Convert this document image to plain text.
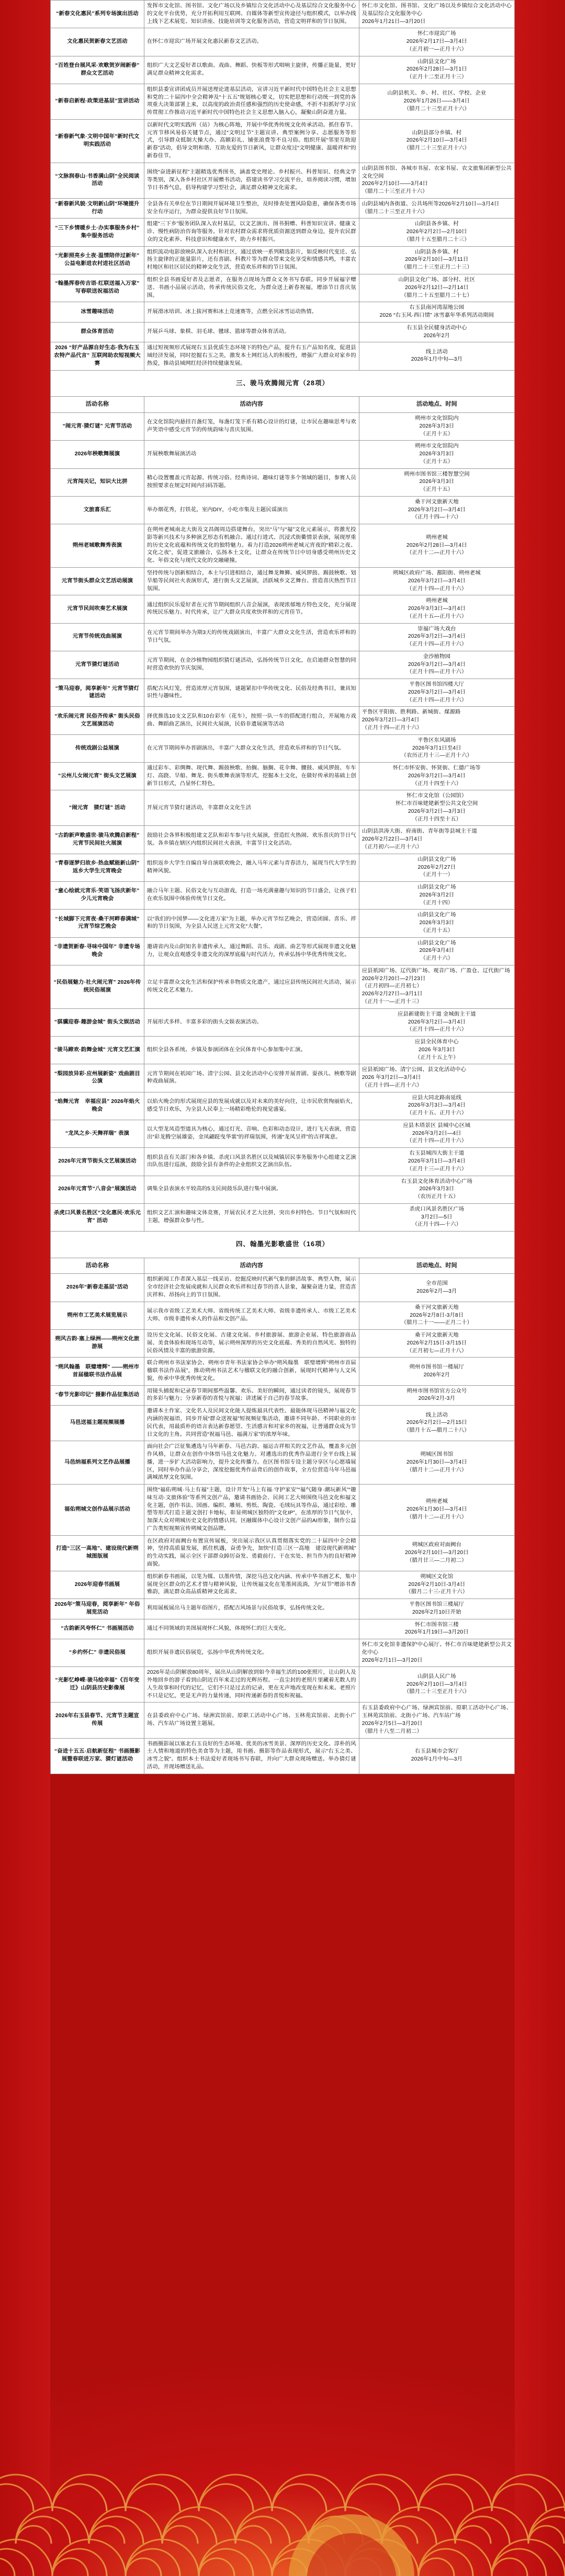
“新春文化惠民”系列专场演出活动	发挥市文化馆、图书馆、文化广场以及乡镇综合文化活动中心及基层综合文化服务中心的文化平台优势，充分开拓利用互联网、自媒体等新型宣传途径与组织模式，以举办线上线下艺术展览、知识讲座、技能培训等文化服务活动，营造文明祥和的节日氛围。	怀仁市文化馆、图书馆、文化广场以及乡镇综合文化活动中心及基层综合文化服务中心
2026年1月21日—3月20日

文化惠民贺新春文艺活动	在怀仁市迎宾广场开展文化惠民新春文艺活动。	怀仁市迎宾广场
2026年2月17日—3月4日
（正月初一—正月十六）

“百姓登台展风采·欢歌贺岁闹新春”群众文艺活动	组织广大文艺爱好者以歌曲、戏曲、舞蹈、快板等形式唱响主旋律，传播正能量，更好满足群众精神文化需求。	山阴县文化广场
2026年2月28日—3月1日
（正月十二至正月十三）

“新春启新程·政策进基层”宣讲活动	组织县委宣讲团成员开展送理论进基层活动，宣讲习近平新时代中国特色社会主义思想和党的二十届四中全会精神及“十五五”规划核心要义，切实把思想和行动统一到党的各项重大决策部署上来，以高度的政治责任感和强烈的历史使命感，不折不扣抓好学习宣传贯彻工作推动习近平新时代中国特色社会主义思想入脑入心，凝聚山阴奋进力量。	山阴县机关、乡、村、社区、学校、企业
2026年1月26日——3月4日
（腊月二十三至正月十六）

“新春新气象·文明中国年”新时代文明实践活动	以新时代文明实践所（站）为核心阵地，开展中华优秀传统文化传承活动。抓住春节、元宵节移风易俗关键节点，通过“文明过节”主题宣讲、典型案例分享、志愿服务等形式，引导群众抵制大操大办、高额彩礼、铺张浪费等不良习俗。组织开展“邻里互助迎新春”活动，倡导文明和谐、互助友爱的节日新风，让群众度过“文明健康、温暖祥和”的新春佳节。	山阴县部分乡镇、村
2026年2月10日—3月4日
（腊月二十三至正月十六）

“文脉润春山·书香满山阴”全民阅读活动	围绕“奋进新征程”主题精选优秀图书，涵盖党史理论、乡村振兴、科普知识、经典文学等类别，深入各乡村社区开展赠书活动，搭建读书学习交流平台，培养阅读习惯，增加节日书香气息，倡导构建学习型社会，满足群众精神文化需求。	山阴县图书馆、各城市书屋、农家书屋、农文旅集团新型公共文化空间
2026年2月10日——3月4日
（腊月二十三至正月十六）

“新春新风貌·文明新山阴”环境提升行动	全县各有关单位在节日期间开展环境卫生整治，及时排查处置风险隐患，确保各类市场安全有序运行，为群众提供良好节日氛围。	山阴县域内各街道、公共场所等2026年2月10日—3月4日
（腊月二十三至正月十六）

“三下乡情暖乡土·办实事服务乡村”集中服务活动	组建“三下乡”服务团队深入农村基层，以文艺演出、图书捐赠、科普知识宣讲、健康义诊、慢性病防治咨询等服务。针对农村群众需求将优质资源送到群众身边，提升农民群众的文化素养、科技意识和健康水平，助力乡村振兴。	山阴县各乡镇、村
2026年2月2日—2月10日
（腊月十五至腊月二十三）

“光影照亮乡土夜·温情陪伴过新年”公益电影进农村进社区活动	组织流动电影放映队深入农村和社区，通过放映一系列精选影片，如反映时代变迁、弘扬主旋律的正能量影片，还有喜剧、科教片等为群众带来文化享受和情感共鸣，丰富农村地区和社区居民的精神文化生活，营造欢乐祥和的节日氛围。	山阴县各乡镇、村
2026年2月10日—3月11日
（腊月二十三至正月二十三）

“翰墨挥春传吉语·红联送福入万家”写春联送祝福活动	组织全县书画爱好者及志愿者，在服务点现场为群众义务书写春联。同步开展福字赠送、书画小品展示活动，传承传统民俗文化，为群众送上新春祝福，增添节日喜庆氛围。	山阴县文化广场、部分村、社区
2026年2月12日—2月14日
（腊月二十五至腊月二十七）

冰雪趣味活动	开展滑冰培训、冰上拔河赛和冰上竞速赛等，点燃全民冰雪运动热情。	右玉县南河湾湿地公园
2026 “右玉风·西口情” 冰雪嘉年华系列活动期间

群众体育活动	开展乒乓球、象棋、羽毛球、毽球、篮球等群众体育活动。	右玉县全民健身活动中心
2026年2月

2026 “好产品源自好生态·我为右玉农特产品代言” 互联网助农短视频大赛	通过短视频形式展现右玉县优质生态环境下的特色产品，提升右玉产品知名度，促进县域经济发展，同时挖掘右玉之美，激发本土网红达人的积极性，增强广大群众对家乡的热爱，推动县域网红经济持续健康发展。	线上活动
2026年1月中旬—3月

三、骏马欢腾闹元宵（28项）		
活动名称	活动内容	活动地点、时间
“闹元宵·猜灯谜” 元宵节活动	在文化馆院内悬挂百盏灯笼，每盏灯笼下系有精心设计的灯谜，让市民在趣味思考与欢声笑语中感受元宵节的传统韵味与喜庆氛围。	朔州市文化馆院内
2026年3月3日
（正月十五）

2026年秧歌舞展演	开展秧歌舞展演活动	朔州市文化馆院内
2026年3月3日
（正月十五）

元宵闯关记，知识大比拼	精心设置覆盖元宵起源、传统习俗、经典诗词、趣味灯谜等多个领域的题目，参赛人员按照要求在规定时间内扫码答题。	朔州市图书馆三楼智慧空间
2026年3月3日
（正月十五）

文旅喜乐汇	举办烟花秀，打铁花，室内DIY，小吃市集及主题民谣演出	桑干河文旅新天地
2026年3月2日—3月4日
（正月十四—十六）

朔州老城歌舞秀表演	在朔州老城南北大街及文昌阁周边搭建舞台，突出“马”与“福”文化元素展示，将激光投影等新兴技术与多种演艺形态有机融合。通过行进式、沉浸式街衢情景表演，展现厚重的历史文化底蕴和传统文化的独特魅力。着力打造2026朔州老城元宵夜的“精彩之夜、文化之夜”，促进文旅融合，弘扬本土文化，让群众在传统节日中切身感受朔州历史文化、年俗文化与现代文化的交融碰撞。	朔州老城
2026年2月28日—3月4日
（正月十二—正月十六）

元宵节街头群众文艺活动展演	坚持传统与创新相结合，本土与引进相结合，通过舞龙舞狮、威风锣鼓、踢鼓秧歌、划旱船等民间社火表演形式，进行街头文艺展演，活跃城乡文艺舞台、营造喜庆热烈节日氛围。	朔城区政府广场、鄯阳街、朔州老城
2026年3月2日—3月4日
（正月十四—正月十六）

元宵节民间吹奏艺术展演	通过组织民乐爱好者在元宵节期间组织八音会展演，表现浓郁地方特色文化，充分展现传统民乐魅力、时代传承，让广大群众共度欢快祥和的元宵佳节。	朔州老城
2026年3月3日—3月4日
（正月十五—正月十六）

元宵节传统戏曲展演	在元宵节期间举办为期3天的传统戏剧演出，丰富广大群众文化生活，营造欢乐祥和的节日气氛。	崇福广场大戏台
2026年3月2日—3月4日
（正月十四—正月十六）

元宵节猜灯谜活动	元宵节期间，在金沙植物园组织猜灯谜活动，弘扬传统节日文化，在启迪群众智慧的同时营造欢快的节庆氛围。	金沙植物园
2026年3月2日—3月4日
（正月十四—正月十六）

“策马迎春，阅享新年” 元宵节猜灯谜活动	搭配古风灯笼，营造浓厚元宵氛围，谜题紧扣中华传统文化、民俗及经典书目，兼具知识性与趣味性。	平鲁区图书馆四楼大厅
2026年3月2日—3月4日
（正月十四—正月十六）

“欢乐闹元宵 民俗齐传承” 街头民俗文艺展演活动	择优推选10支文艺队和10台彩车（花车），按照一队一车的搭配进行组合，开展地方戏曲、舞蹈曲艺演出，民间社火展演，民俗非遗展演等活动	平鲁区平阳街、胜利路、新城街、煤源路
2026年3月2日—3月4日
（正月十四—正月十六）

传统戏剧公益展演	在元宵节期间举办晋剧演出，丰富广大群众文化生活，营造欢乐祥和的节日气氛。	平鲁区东风剧场
2026年3月1日至4日
（农历正月十三—正月十六）

“云州儿女闹元宵” 街头文艺展演	通过彩车、彩绸舞、现代舞、踢鼓秧歌、抬搁、脑搁、花伞舞、腰鼓、威风锣鼓、车车灯、高跷、旱船、舞龙、街头歌舞表演等形式，挖掘本土文化，在做好传承的基础上创新节目形式，凸显怀仁特色。	怀仁市怀安街、怀贤街、仁德广场等
2026年3月2日—3月4日
（正月十四至十六）

“闹元宵　猜灯谜” 活动	开展元宵节猜灯谜活动，丰富群众文化生活	怀仁市文化馆（公园馆）
怀仁市百味姥姥新型公共文化空间
2026年3月2日—3月3日
（正月十四至十五）

“古韵新声歌盛世·骏马欢腾启新程” 元宵节民间社火展演	鼓励社会各界积极组建文艺队和彩车参与社火展演，营造红火热闹、欢乐喜庆的节日气氛。各乡镇在辖区内组织民间社火表演，丰富节日文化活动。	山阴县洪涛大街、府南街、青年街等县城主干道
2026年2月22日—3月4日
（正月初六—正月十六）

“青春逐梦归故乡·热血赋能新山阴” 返乡大学生元宵晚会	组织返乡大学生自编自导自演联欢晚会，融入马年元素与青春活力，展现当代大学生的精神风貌。	山阴县文化广场
2026年2月27日
（正月十一）

“童心绘就元宵乐·笑语飞扬庆新年” 少儿元宵晚会	融合马年主题、民俗文化与互动游戏，打造一场充满童趣与知识的节日盛会，让孩子们在欢乐氛围中体验传统节日文化。	山阴县文化广场
2026年3月2日
（正月十四）

“长城脚下元宵夜·桑干河畔春满城” 元宵节综艺晚会	以“我们的中国梦——文化进万家”为主题，举办元宵节综艺晚会，营造团圆、喜乐、祥和的节日氛围，为全县人民送上元宵文化“大餐”。	山阴县文化广场
2026年3月3日
（正月十五）

“非遗贺新春·寻味中国年” 非遗专场晚会	邀请省内及山阴知名非遗传承人，通过舞蹈、音乐、戏剧、曲艺等形式展现非遗文化魅力，让观众直观感受非遗文化的深厚底蕴与时代活力，传承弘扬中华优秀传统文化。	山阴县文化广场
2026年3月4日
（正月十六）

“民俗展魅力·社火闹元宵” 2026年传统民俗展演	立足丰富群众文化生活和保护传承非物质文化遗产，通过应县传统民间社火活动，展示传统文化艺术魅力。	应县祇园广场、辽代街广场、观音广场、广盈仓、辽代街广场
2026年2月20日—2月23日
（正月初四—正月初七）
2026年2月27日—3月1日
（正月十一—正月十三）

“骐骥迎春·趣游金城” 街头文娱活动	开展形式多样、丰富多彩的街头文娱表演活动。	应县新建街主干道 金城街主干道
2026年3月2日—3月4日
（正月十四—正月十六）

“骏马蹄欢·韵舞金城” 元宵文艺汇演	组织全县各系统、乡镇及参演团体在全民体育中心参加集中汇演。	应县全民体育中心
2026 年3月3日
（正月十五上午）

“梨园放异彩·应州展新姿” 戏曲剧目公演	元宵节期间在祇园广场、清宁公园、县文化活动中心安排开展晋剧、耍孩儿、秧歌等剧种戏曲展演。	应县祇园广场、清宁公园、县文化活动中心
2026 年3月2日—3月4日
（正月十四—正月十六）

“焰舞元宵　幸福应县” 2026年焰火晚会	以焰火晚会的形式展现应县的发展成就以及对未来的美好向往，让市民欣赏绚丽焰火，感受节日欢乐，为全县人民奉上一场精彩绝伦的视觉盛宴。	应县大同北路南延线
2026年3月3日—3月4日
（正月十五、正月十六）

“龙凤之乡·天舞祥瑞” 表演	以大型龙凤造型道具为核心，通过灯光、音响、色彩和动态设计，进行飞天表演，营造出“彩龙腾空展雄姿，金凤翩跹曳华裳”的祥瑞氛围，传递“龙凤呈祥”的吉祥寓意。	应县木塔景区 县城中心区域
2026年3月2日—4日
（正月十四—正月十六）

2026年元宵节街头文艺展演活动	组织县直有关部门和各乡镇、杀虎口风景名胜区以及城镇居民事务服务中心组建文艺演出队伍进行巡演，鼓励全县有条件的企业组织文艺演出队伍。	右玉县城四大街主干道
2026年3月1日—3月4日
（正月十三—正月十六）

2026年元宵节“八音会”展演活动	调集全县表演水平较高的5支民间鼓乐队进行集中展演。	右玉县文化体育活动中心广场
2026年3月3日
（农历正月十五）

杀虎口风景名胜区“文化惠民·欢乐元宵” 活动	组织文艺汇演和趣味文体竞赛，开展农民才艺大比拼，突出乡村特色、节日气氛和时代主题，增强群众参与性。	杀虎口风景名胜区广场
3月2日—5日
（正月十四—十六）

四、翰墨光影歌盛世（16项）		
活动名称	活动内容	活动地点、时间
2026年“新春走基层”活动	组织新闻工作者深入基层一线采访、挖掘反映时代新气象的鲜活故事、典型人物，展示全市经济社会发展成就和人民群众欢乐祥和过春节的喜人景象，凝聚奋进力量，营造喜庆祥和、昂扬向上的节日氛围。	全市范围
2026年2月—3月

朔州市工艺美术展览展示	展示我市省级工艺美术大师、省级传统工艺美术大师、省级非遗传承人、市级工艺美术大师、市级非遗传承人的作品和文创产品。	桑干河文旅新天地
2026年2月8日-3月8日
（腊月二十一——正月二十）

朔风古韵·塞上绿洲——朔州文化旅游展	设历史文化展、民俗文化展、古建文化展、乡村旅游展、旅游企业展、特色旅游商品展、美食体验和现场互动等，展示朔州深厚的历史文化底蕴、秀美的自然风光、独特的民俗风情及丰富的旅游资源。	桑干河文旅新天地
2026年2月15日-3月15日
（正月初七—正月十八）

“朔风翰墨　联璧增辉” ——朔州市首届楹联书法作品展	联合朔州市书法家协会、朔州市青年书法家协会举办“朔风翰墨　联璧增辉”朔州市首届楹联书法作品展”，推动朔州书法艺术与楹联文化的融合创新，展现时代精神与人文风貌，传承中华优秀传统文化。	朔州市图书馆一楼展厅
2026年2月

“春节光影印记” 摄影作品征集活动	用镜头捕捉和记录春节期间那些温馨、欢乐、美好的瞬间，通过读者的镜头，展现春节的多彩与魅力；分享新春的喜悦与祝福；讲述属于自己的春节故事。	朔州市图书馆官方公众号
2026年2月-3月

马邑送福主题视频展播	邀请本土作家、文化名人及民间文化能人提炼最具代表性、最能体现马邑精神与福文化内涵的祝福语，同步开展“群众送祝福”短视频征集活动，邀请不同年龄、不同职业的市民代表，用最质朴的语言表达新春愿望、生活感言和对家乡的祝福，让普通群众成为节日文化的主角。共同营造“祝福马邑、福满万家”的浓厚年味。	线上活动
2026年2月2日—2月15日
（腊月十五—腊月二十八）

马邑纳福系列文艺作品展播	面向社会广泛征集遴选与马年新春、马邑古韵、福运吉祥相关的文艺作品，覆盖多元创作风格，让群众在创作中体悟马邑文化魅力。对遴选出的优秀作品进行全平台线上展播，进一步扩大活动影响力，提升文化传播力。在区图书馆专设主题分享区与心愿墙展区，同时举办作品分享会，深度挖掘优秀作品背后的创作故事，全方位营造马年马邑福满城浓厚文化氛围。	朔城区图书馆
2026年1月30日—3月4日
（腊月十二—正月十六）

福佑朔城文创作品展示活动	围绕“福佑朔城·马上有福”主题，设计开发“马上有福·守护家安”“福气随身·潮玩新风”“趣味互动·文旅体验”等系列文创产品，邀请书画协会、民间工艺大师围绕马邑文化和福文化主题，创作书法、国画、编织、雕刻、剪纸、陶瓷、毛绒玩具等作品，通过彩绘、雕塑等形式打造主题文创打卡地标，彰显朔城区独特的“文化IP”，在浓厚的节日气氛中，加深大众对朔城历史文化的情感认同。区融媒体中心设计文创产品的AI形象，制作公益广告类短视频宣传朔城文创品牌。	
朔州老城
2026年1月30日—3月4日
（腊月十二—正月十六）

打造“三区一高地”、建设现代新朔城图版展	在区政府对面阙台布置宣传展板，突出展示我区认真贯彻落实党的二十届四中全会精神，坚持高质量发展，抓住机遇，奋勇争先，加快“打造三区一高地　建设现代新朔城”的生动实践，展示全区干部群众踔厉奋发、勇毅前行、干在实处、担当作为的良好精神面貌。	朔城区政府对面阙台
2026年2月10日—3月20日
（腊月廿三—二月初二）

2026年迎春书画展	组织新春书画展，以笔为媒、以墨传情，深挖马邑文化内涵、传承中华书画艺术，集中展现全区群众的艺术才情与精神风貌，让传统福文化在笔墨间流淌，为“双节”增添书香雅韵，满足群众高品质精神文化需求。	朔城区文化馆
2026年2月10日-3月4日
（腊月二十三-正月十六）

2026年“策马迎春，阅享新年” 年俗展览活动	利用展板展出马主题年俗图片，搭配古风场景与民俗故事，弘扬传统文化。	平鲁区图书馆三楼展厅
2026年2月10日开始

“古韵新风夸怀仁” 书画展活动	通过不同领域的美图展现怀仁风貌，体现怀仁的巨大变化。	怀仁市图书馆三楼
2026年1月19日—3月20日

“乡约怀仁” 非遗民俗展	组织开展非遗民俗展览，弘扬中华优秀传统文化。	怀仁市文化馆非遗保护中心展厅、怀仁市百味姥姥新型公共文化中心
2026年2月1日—3月20日

“光影忆峥嵘·骏马绘幸福”《百年变迁》山阴县历史影像展	2026年是山阴解放80周年，展出从山阴解放到如今幸福生活的100张照片，让山阴人及外地回乡的游子看到山阴近百年来走过的光辉历程。一直尘封的老照片里藏着无数人的人生故事和时代的记忆，它们不只是过去的记录，更在无声地改变现在和未来。老照片不只是记忆，更是无声的力量传递，同时传递新春的喜悦和祝福。	山阴县人民广场
2026年2月10日—3月4日
（腊月二十三至正月十六）

2026年右玉县春节、元宵节主题宣传展	在县委政府中心广场、绿洲宾馆前、原职工活动中心广场、玉林苑宾馆前、北街小广场、汽车站广场设置主题展。	右玉县委政府中心广场、绿洲宾馆前、原职工活动中心广场、玉林苑宾馆前、北街小广场、汽车站广场
2026年2月5日—3月20日
（腊月十八至二月初二）

“奋进十五五·启航新征程” 书画摄影展暨春联进万家、猜灯谜活动	书画摄影展以塞北右玉良好的生态环境、优美的冰雪美景、深厚的历史文化、淳朴的风土人情和地道的特色美食等为主题，用书画、摄影等作品表现形式，展示“右玉之美、冰雪之貌”。组织本土书法爱好者现场书写春联，并向广大群众现场赠送。举办猜灯谜活动，并现场赠送礼品。	右玉县城市会客厅
2026年1月中旬—3月
